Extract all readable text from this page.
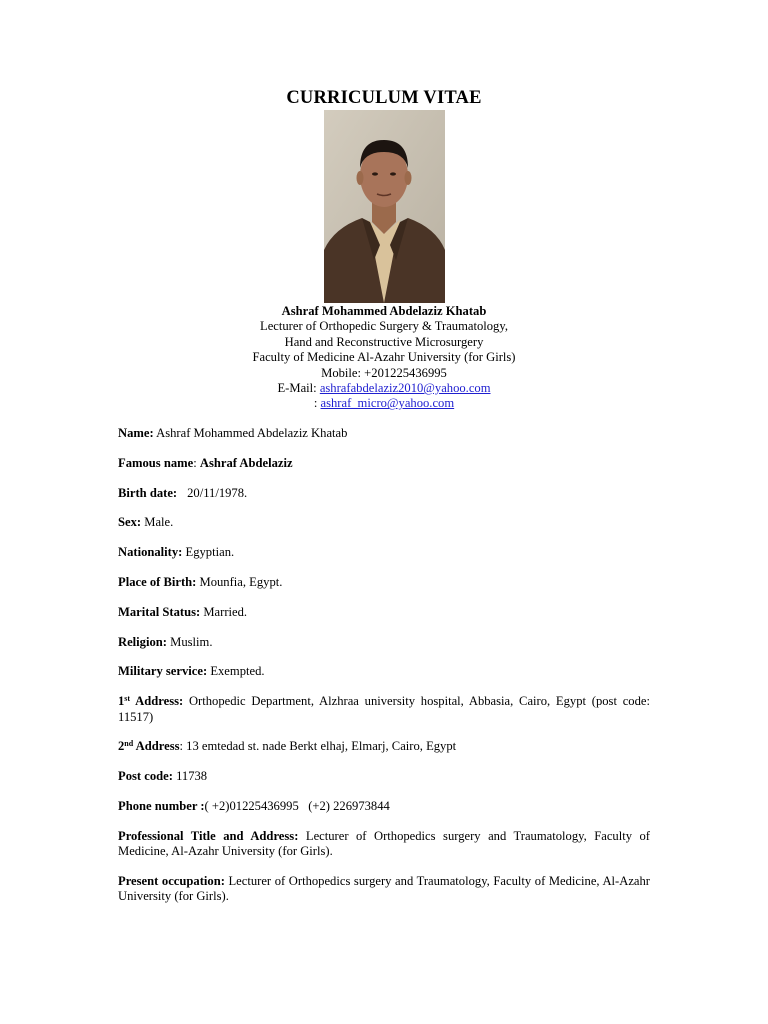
CURRICULUM VITAE
Ashraf Mohammed Abdelaziz Khatab
Lecturer of Orthopedic Surgery & Traumatology,
Hand and Reconstructive Microsurgery
Faculty of Medicine Al-Azahr University (for Girls)
Mobile: +201225436995
E-Mail: ashrafabdelaziz2010@yahoo.com
: ashraf_micro@yahoo.com

Name: Ashraf Mohammed Abdelaziz Khatab

Famous name: Ashraf Abdelaziz

Birth date: 20/11/1978.

Sex: Male.

Nationality: Egyptian.

Place of Birth: Mounfia, Egypt.

Marital Status: Married.

Religion: Muslim.

Military service: Exempted.

1st Address: Orthopedic Department, Alzhraa university hospital, Abbasia, Cairo, Egypt (post code: 11517)

2nd Address: 13 emtedad st. nade Berkt elhaj, Elmarj, Cairo, Egypt

Post code: 11738

Phone number :( +2)01225436995   (+2) 226973844

Professional Title and Address: Lecturer of Orthopedics surgery and Traumatology, Faculty of Medicine, Al-Azahr University (for Girls).

Present occupation: Lecturer of Orthopedics surgery and Traumatology, Faculty of Medicine, Al-Azahr University (for Girls).
